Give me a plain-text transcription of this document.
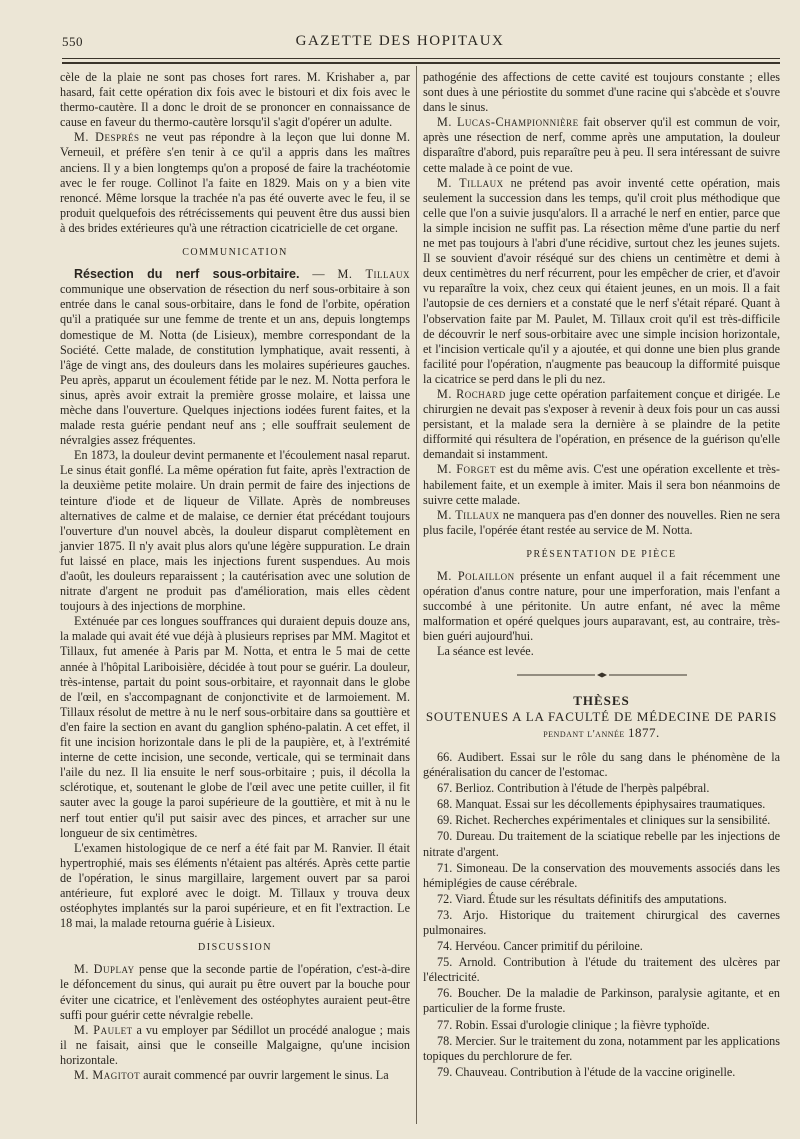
550	GAZETTE DES HOPITAUX

cèle de la plaie ne sont pas choses fort rares. M. Krishaber a, par hasard, fait cette opération dix fois avec le bistouri et dix fois avec le thermo-cautère. Il a donc le droit de se prononcer en connaissance de cause en faveur du thermo-cautère lorsqu'il s'agit d'opérer un adulte.

M. Després ne veut pas répondre à la leçon que lui donne M. Verneuil, et préfère s'en tenir à ce qu'il a appris dans les maîtres anciens. Il y a bien longtemps qu'on a proposé de faire la trachéotomie avec le fer rouge. Collinot l'a faite en 1829. Mais on y a bien vite renoncé. Même lorsque la trachée n'a pas été ouverte avec le feu, il se produit quelquefois des rétrécissements qui peuvent être dus aussi bien à des brides extérieures qu'à une rétraction cicatricielle de cet organe.

COMMUNICATION

Résection du nerf sous-orbitaire. — M. Tillaux communique une observation de résection du nerf sous-orbitaire à son entrée dans le canal sous-orbitaire, dans le fond de l'orbite, opération qu'il a pratiquée sur une femme de trente et un ans, depuis longtemps domestique de M. Notta (de Lisieux), membre correspondant de la Société. Cette malade, de constitution lymphatique, avait ressenti, à l'âge de vingt ans, des douleurs dans les molaires supérieures gauches. Peu après, apparut un écoulement fétide par le nez. M. Notta perfora le sinus, après avoir extrait la première grosse molaire, et laissa une mèche dans l'ouverture. Quelques injections iodées furent faites, et la malade resta guérie pendant neuf ans ; elle souffrait seulement de névralgies assez fréquentes.

En 1873, la douleur devint permanente et l'écoulement nasal reparut. Le sinus était gonflé. La même opération fut faite, après l'extraction de la deuxième petite molaire. Un drain permit de faire des injections de teinture d'iode et de liqueur de Villate. Après de nombreuses alternatives de calme et de malaise, ce dernier état précédant toujours l'ouverture d'un nouvel abcès, la douleur disparut complètement en janvier 1875. Il n'y avait plus alors qu'une légère suppuration. Le drain fut laissé en place, mais les injections furent suspendues. Au mois d'août, les douleurs reparaissent ; la cautérisation avec une solution de nitrate d'argent ne produit pas d'amélioration, mais elles cèdent toujours à des injections de morphine.

Exténuée par ces longues souffrances qui duraient depuis douze ans, la malade qui avait été vue déjà à plusieurs reprises par MM. Magitot et Tillaux, fut amenée à Paris par M. Notta, et entra le 5 mai de cette année à l'hôpital Lariboisière, décidée à tout pour se guérir. La douleur, très-intense, partait du point sous-orbitaire, et rayonnait dans le globe de l'œil, en s'accompagnant de conjonctivite et de larmoiement. M. Tillaux résolut de mettre à nu le nerf sous-orbitaire dans sa gouttière et d'en faire la section en avant du ganglion sphéno-palatin. A cet effet, il fit une incision horizontale dans le pli de la paupière, et, à l'extrémité interne de cette incision, une seconde, verticale, qui se terminait dans l'aile du nez. Il lia ensuite le nerf sous-orbitaire ; puis, il décolla la sclérotique, et, soutenant le globe de l'œil avec une petite cuiller, il fit sauter avec la gouge la paroi supérieure de la gouttière, et mit à nu le nerf tout entier qu'il put saisir avec des pinces, et arracher sur une longueur de six centimètres.

L'examen histologique de ce nerf a été fait par M. Ranvier. Il était hypertrophié, mais ses éléments n'étaient pas altérés. Après cette partie de l'opération, le sinus margillaire, largement ouvert par sa paroi antérieure, fut exploré avec le doigt. M. Tillaux y trouva deux ostéophytes implantés sur la paroi supérieure, et en fit l'extraction. Le 18 mai, la malade retourna guérie à Lisieux.

DISCUSSION

M. Duplay pense que la seconde partie de l'opération, c'est-à-dire le défoncement du sinus, qui aurait pu être ouvert par la bouche pour éviter une cicatrice, et l'enlèvement des ostéophytes auraient peut-être suffi pour guérir cette névralgie rebelle.

M. Paulet a vu employer par Sédillot un procédé analogue ; mais il ne faisait, ainsi que le conseille Malgaigne, qu'une incision horizontale.

M. Magitot aurait commencé par ouvrir largement le sinus. La

pathogénie des affections de cette cavité est toujours constante ; elles sont dues à une périostite du sommet d'une racine qui s'abcède et s'ouvre dans le sinus.

M. Lucas-Championnière fait observer qu'il est commun de voir, après une résection de nerf, comme après une amputation, la douleur disparaître d'abord, puis reparaître peu à peu. Il sera intéressant de suivre cette malade à ce point de vue.

M. Tillaux ne prétend pas avoir inventé cette opération, mais seulement la succession dans les temps, qu'il croit plus méthodique que celle que l'on a suivie jusqu'alors. Il a arraché le nerf en entier, parce que la simple incision ne suffit pas. La résection même d'une partie du nerf ne met pas toujours à l'abri d'une récidive, surtout chez les jeunes sujets. Il se souvient d'avoir réséqué sur des chiens un centimètre et demi à deux centimètres du nerf récurrent, pour les empêcher de crier, et d'avoir vu reparaître la voix, chez ceux qui étaient jeunes, en un mois. Il a fait l'autopsie de ces derniers et a constaté que le nerf s'était réparé. Quant à l'observation faite par M. Paulet, M. Tillaux croit qu'il est très-difficile de découvrir le nerf sous-orbitaire avec une simple incision horizontale, et l'incision verticale qu'il y a ajoutée, et qui donne une bien plus grande facilité pour l'opération, n'augmente pas beaucoup la difformité puisque la cicatrice se perd dans le pli du nez.

M. Rochard juge cette opération parfaitement conçue et dirigée. Le chirurgien ne devait pas s'exposer à revenir à deux fois pour un cas aussi persistant, et la malade sera la dernière à se plaindre de la petite difformité qui résultera de l'opération, en présence de la guérison qu'elle demandait si instamment.

M. Forget est du même avis. C'est une opération excellente et très-habilement faite, et un exemple à imiter. Mais il sera bon néanmoins de suivre cette malade.

M. Tillaux ne manquera pas d'en donner des nouvelles. Rien ne sera plus facile, l'opérée étant restée au service de M. Notta.

PRÉSENTATION DE PIÈCE

M. Polaillon présente un enfant auquel il a fait récemment une opération d'anus contre nature, pour une imperforation, mais l'enfant a succombé à une péritonite. Un autre enfant, né avec la même malformation et opéré quelques jours auparavant, est, au contraire, très-bien guéri aujourd'hui.

La séance est levée.

THÈSES
SOUTENUES A LA FACULTÉ DE MÉDECINE DE PARIS
pendant l'année 1877.

66. Audibert. Essai sur le rôle du sang dans le phénomène de la généralisation du cancer de l'estomac.

67. Berlioz. Contribution à l'étude de l'herpès palpébral.

68. Manquat. Essai sur les décollements épiphysaires traumatiques.

69. Richet. Recherches expérimentales et cliniques sur la sensibilité.

70. Dureau. Du traitement de la sciatique rebelle par les injections de nitrate d'argent.

71. Simoneau. De la conservation des mouvements associés dans les hémiplégies de cause cérébrale.

72. Viard. Étude sur les résultats définitifs des amputations.

73. Arjo. Historique du traitement chirurgical des cavernes pulmonaires.

74. Hervéou. Cancer primitif du périloine.

75. Arnold. Contribution à l'étude du traitement des ulcères par l'électricité.

76. Boucher. De la maladie de Parkinson, paralysie agitante, et en particulier de la forme fruste.

77. Robin. Essai d'urologie clinique ; la fièvre typhoïde.

78. Mercier. Sur le traitement du zona, notamment par les applications topiques du perchlorure de fer.

79. Chauveau. Contribution à l'étude de la vaccine originelle.
